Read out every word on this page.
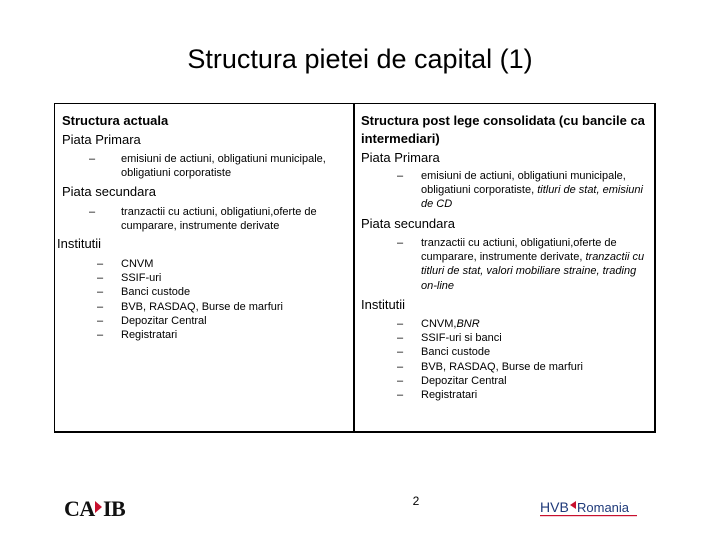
Structura pietei de capital (1)
Structura actuala
Piata Primara
– emisiuni de actiuni, obligatiuni municipale, obligatiuni corporatiste
Piata secundara
– tranzactii cu actiuni, obligatiuni,oferte de cumparare, instrumente derivate
Institutii
– CNVM
– SSIF-uri
– Banci custode
– BVB, RASDAQ, Burse de marfuri
– Depozitar Central
– Registratari
Structura post lege consolidata (cu bancile ca intermediari)
Piata Primara
– emisiuni de actiuni, obligatiuni municipale, obligatiuni corporatiste, titluri de stat, emisiuni de CD
Piata secundara
– tranzactii cu actiuni, obligatiuni,oferte de cumparare, instrumente derivate, tranzactii cu titluri de stat, valori mobiliare straine, trading on-line
Institutii
– CNVM,BNR
– SSIF-uri si banci
– Banci custode
– BVB, RASDAQ, Burse de marfuri
– Depozitar Central
– Registratari
2
CA IB	HVB Romania
